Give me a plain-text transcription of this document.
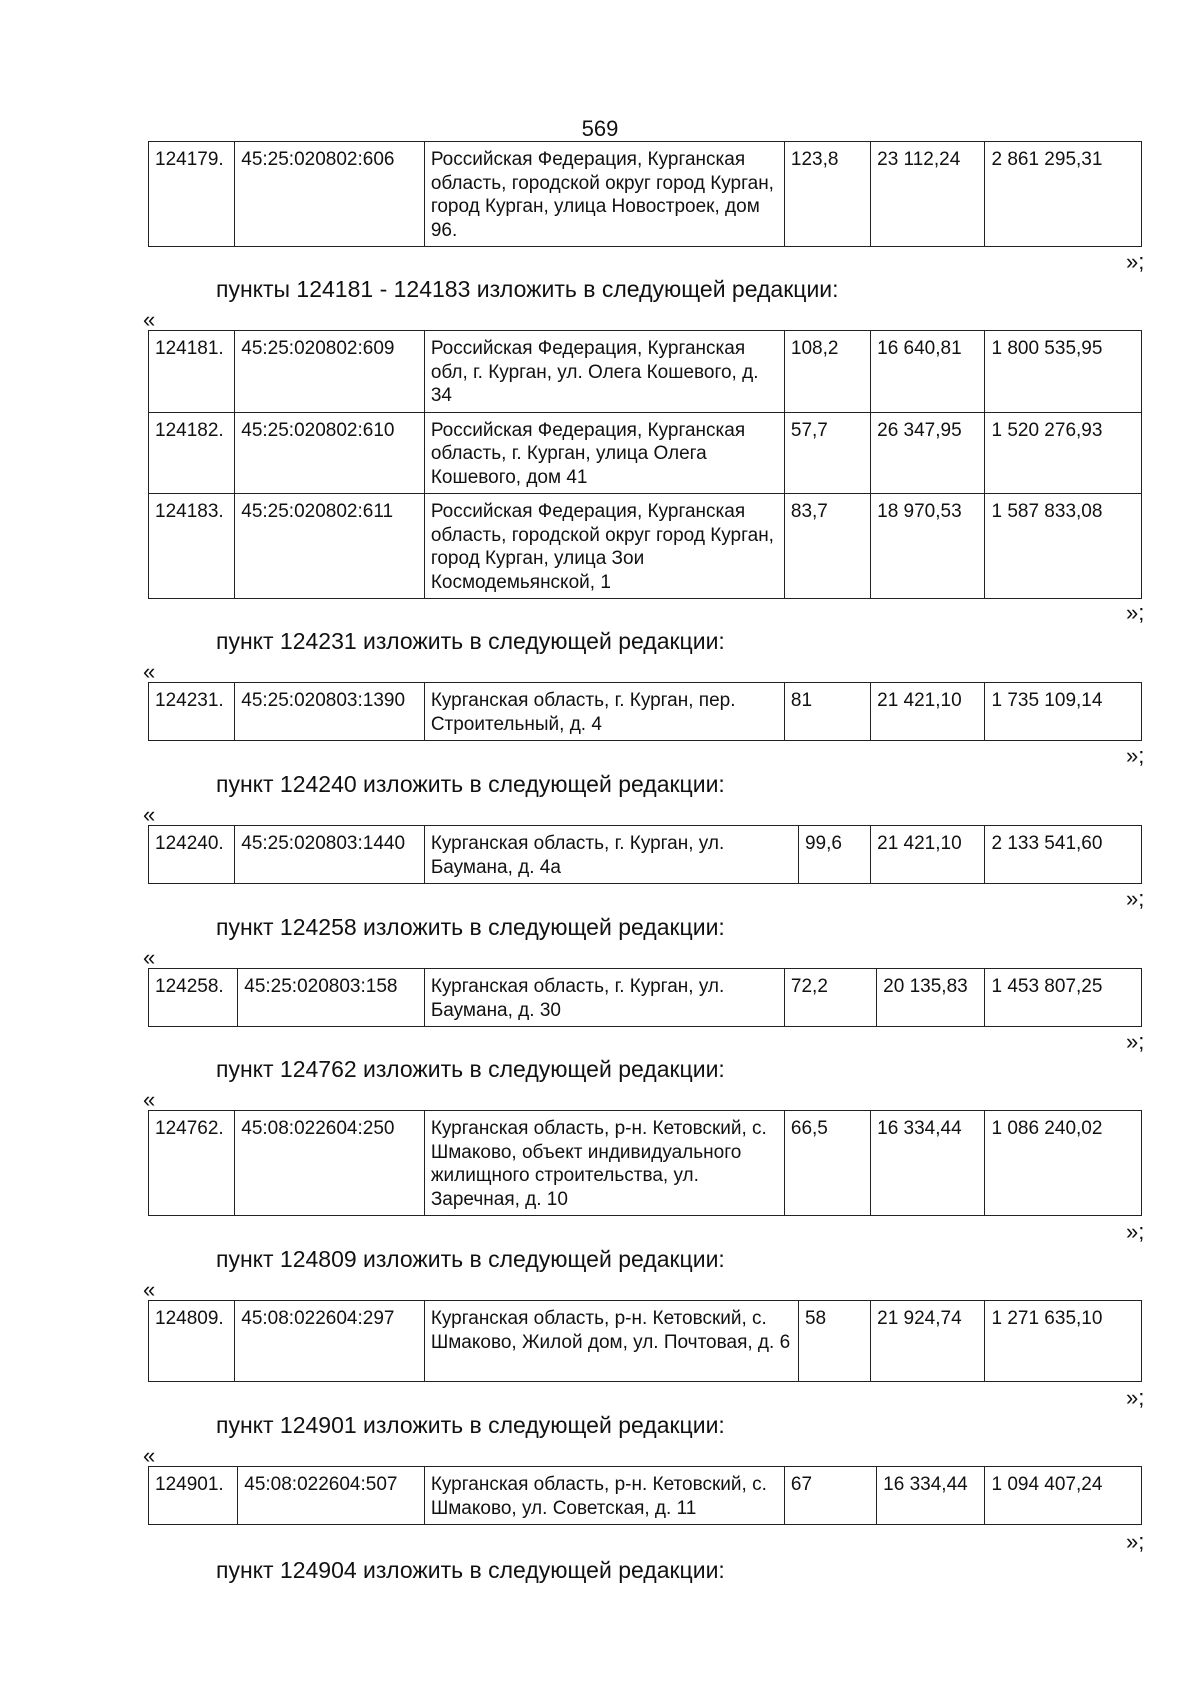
569
124179.	45:25:020802:606	Российская Федерация, Курганская область, городской округ город Курган, город Курган, улица Новостроек, дом 96.	123,8	23 112,24	2 861 295,31
»;
пункты 124181 - 124183 изложить в следующей редакции:
«
124181.	45:25:020802:609	Российская Федерация, Курганская обл, г. Курган, ул. Олега Кошевого, д. 34	108,2	16 640,81	1 800 535,95
124182.	45:25:020802:610	Российская Федерация, Курганская область, г. Курган, улица Олега Кошевого, дом 41	57,7	26 347,95	1 520 276,93
124183.	45:25:020802:611	Российская Федерация, Курганская область, городской округ город Курган, город Курган, улица Зои Космодемьянской, 1	83,7	18 970,53	1 587 833,08
»;
пункт 124231 изложить в следующей редакции:
«
124231.	45:25:020803:1390	Курганская область, г. Курган, пер. Строительный, д. 4	81	21 421,10	1 735 109,14
»;
пункт 124240 изложить в следующей редакции:
«
124240.	45:25:020803:1440	Курганская область, г. Курган, ул. Баумана, д. 4а	99,6	21 421,10	2 133 541,60
»;
пункт 124258 изложить в следующей редакции:
«
124258.	45:25:020803:158	Курганская область, г. Курган, ул. Баумана, д. 30	72,2	20 135,83	1 453 807,25
»;
пункт 124762 изложить в следующей редакции:
«
124762.	45:08:022604:250	Курганская область, р-н. Кетовский, с. Шмаково, объект индивидуального жилищного строительства, ул. Заречная, д. 10	66,5	16 334,44	1 086 240,02
»;
пункт 124809 изложить в следующей редакции:
«
124809.	45:08:022604:297	Курганская область, р-н. Кетовский, с. Шмаково, Жилой дом, ул. Почтовая, д. 6	58	21 924,74	1 271 635,10
»;
пункт 124901 изложить в следующей редакции:
«
124901.	45:08:022604:507	Курганская область, р-н. Кетовский, с. Шмаково, ул. Советская, д. 11	67	16 334,44	1 094 407,24
»;
пункт 124904 изложить в следующей редакции:
